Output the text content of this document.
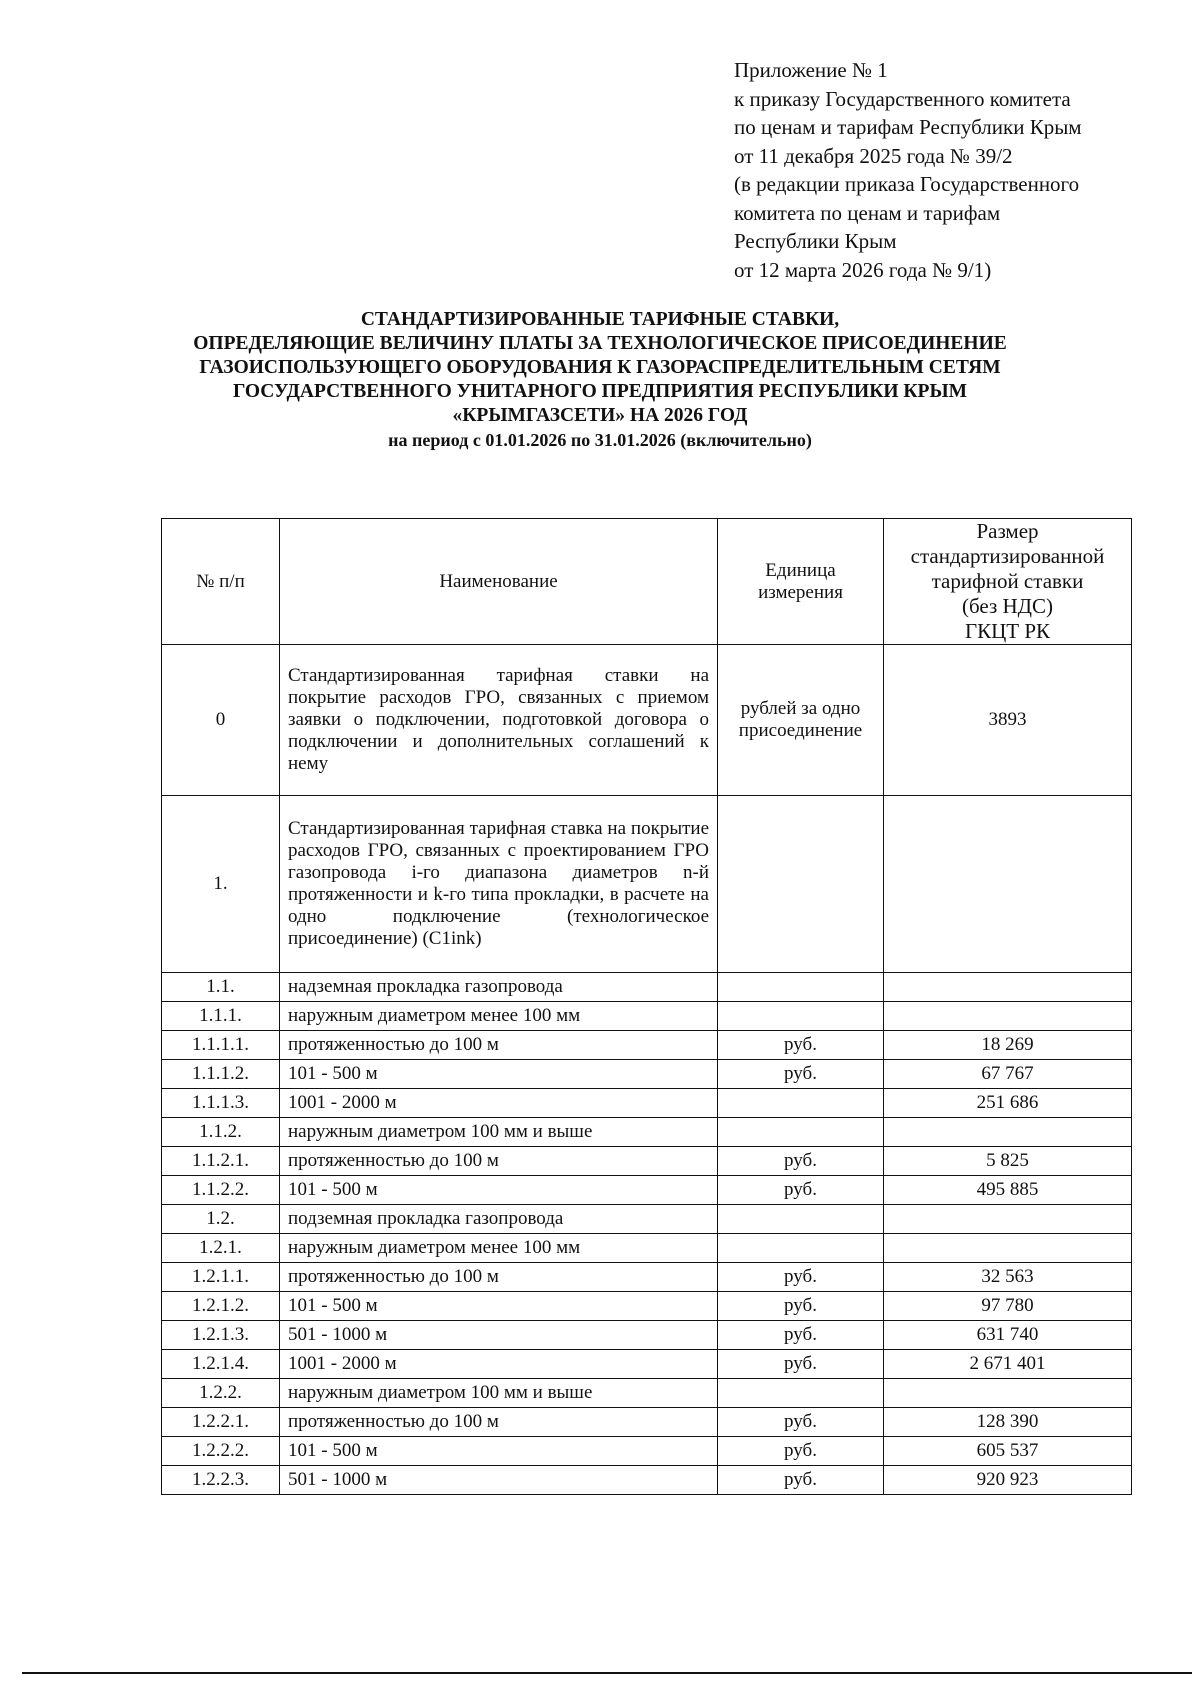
Приложение № 1
к приказу Государственного комитета
по ценам и тарифам Республики Крым
от 11 декабря 2025 года № 39/2
(в редакции приказа Государственного
комитета по ценам и тарифам
Республики Крым
от 12 марта 2026 года № 9/1)
СТАНДАРТИЗИРОВАННЫЕ ТАРИФНЫЕ СТАВКИ,
ОПРЕДЕЛЯЮЩИЕ ВЕЛИЧИНУ ПЛАТЫ ЗА ТЕХНОЛОГИЧЕСКОЕ ПРИСОЕДИНЕНИЕ
ГАЗОИСПОЛЬЗУЮЩЕГО ОБОРУДОВАНИЯ К ГАЗОРАСПРЕДЕЛИТЕЛЬНЫМ СЕТЯМ
ГОСУДАРСТВЕННОГО УНИТАРНОГО ПРЕДПРИЯТИЯ РЕСПУБЛИКИ КРЫМ
«КРЫМГАЗСЕТИ» НА 2026 ГОД
на период с 01.01.2026 по 31.01.2026 (включительно)
№ п/п	Наименование	Единица измерения	Размер
стандартизированной
тарифной ставки
(без НДС)
ГКЦТ РК

0	Стандартизированная тарифная ставки на покрытие расходов ГРО, связанных с приемом заявки о подключении, подготовкой договора о подключении и дополнительных соглашений к нему	рублей за одно присоединение	3893
1.	Стандартизированная тарифная ставка на покрытие расходов ГРО, связанных с проектированием ГРО газопровода i-го диапазона диаметров n-й протяженности и k-го типа прокладки, в расчете на одно подключение (технологическое присоединение) (C1ink)		
1.1.	надземная прокладка газопровода		
1.1.1.	наружным диаметром менее 100 мм		
1.1.1.1.	протяженностью до 100 м	руб.	18 269
1.1.1.2.	101 - 500 м	руб.	67 767
1.1.1.3.	1001 - 2000 м		251 686
1.1.2.	наружным диаметром 100 мм и выше		
1.1.2.1.	протяженностью до 100 м	руб.	5 825
1.1.2.2.	101 - 500 м	руб.	495 885
1.2.	подземная прокладка газопровода		
1.2.1.	наружным диаметром менее 100 мм		
1.2.1.1.	протяженностью до 100 м	руб.	32 563
1.2.1.2.	101 - 500 м	руб.	97 780
1.2.1.3.	501 - 1000 м	руб.	631 740
1.2.1.4.	1001 - 2000 м	руб.	2 671 401
1.2.2.	наружным диаметром 100 мм и выше		
1.2.2.1.	протяженностью до 100 м	руб.	128 390
1.2.2.2.	101 - 500 м	руб.	605 537
1.2.2.3.	501 - 1000 м	руб.	920 923
